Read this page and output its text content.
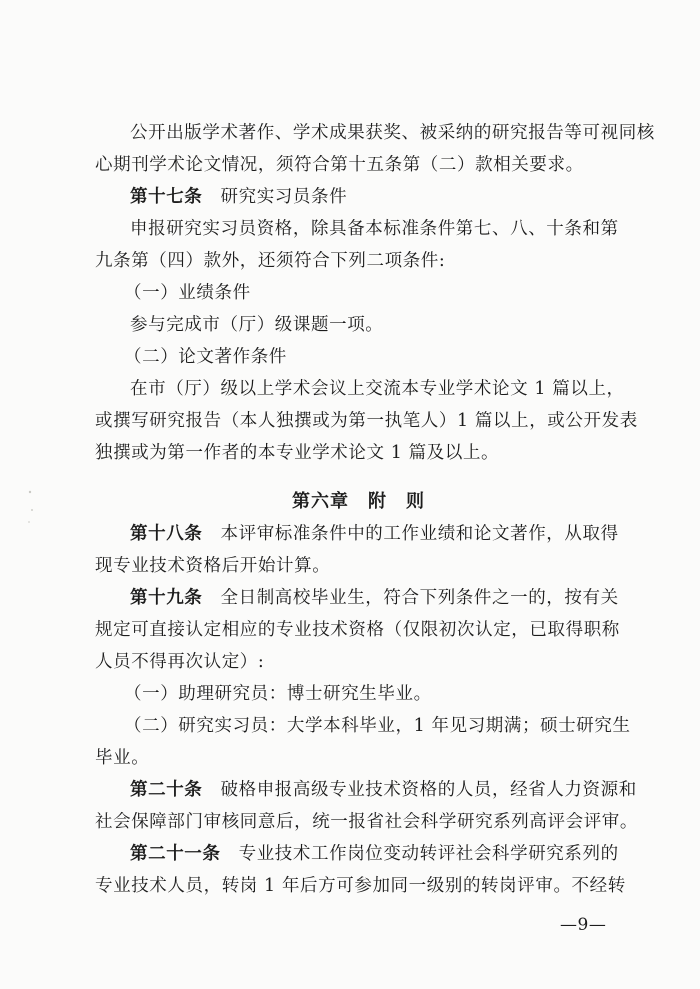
公开出版学术著作、学术成果获奖、被采纳的研究报告等可视同核
心期刊学术论文情况，须符合第十五条第（二）款相关要求。
第十七条　研究实习员条件
申报研究实习员资格，除具备本标准条件第七、八、十条和第
九条第（四）款外，还须符合下列二项条件:
（一）业绩条件
参与完成市（厅）级课题一项。
（二）论文著作条件
在市（厅）级以上学术会议上交流本专业学术论文 1 篇以上，
或撰写研究报告（本人独撰或为第一执笔人）1 篇以上，或公开发表
独撰或为第一作者的本专业学术论文 1 篇及以上。
第六章　附　则
第十八条　本评审标准条件中的工作业绩和论文著作，从取得
现专业技术资格后开始计算。
第十九条　全日制高校毕业生，符合下列条件之一的，按有关
规定可直接认定相应的专业技术资格（仅限初次认定，已取得职称
人员不得再次认定）:
（一）助理研究员：博士研究生毕业。
（二）研究实习员：大学本科毕业，1 年见习期满；硕士研究生
毕业。
第二十条　破格申报高级专业技术资格的人员，经省人力资源和
社会保障部门审核同意后，统一报省社会科学研究系列高评会评审。
第二十一条　专业技术工作岗位变动转评社会科学研究系列的
专业技术人员，转岗 1 年后方可参加同一级别的转岗评审。不经转
—9—
